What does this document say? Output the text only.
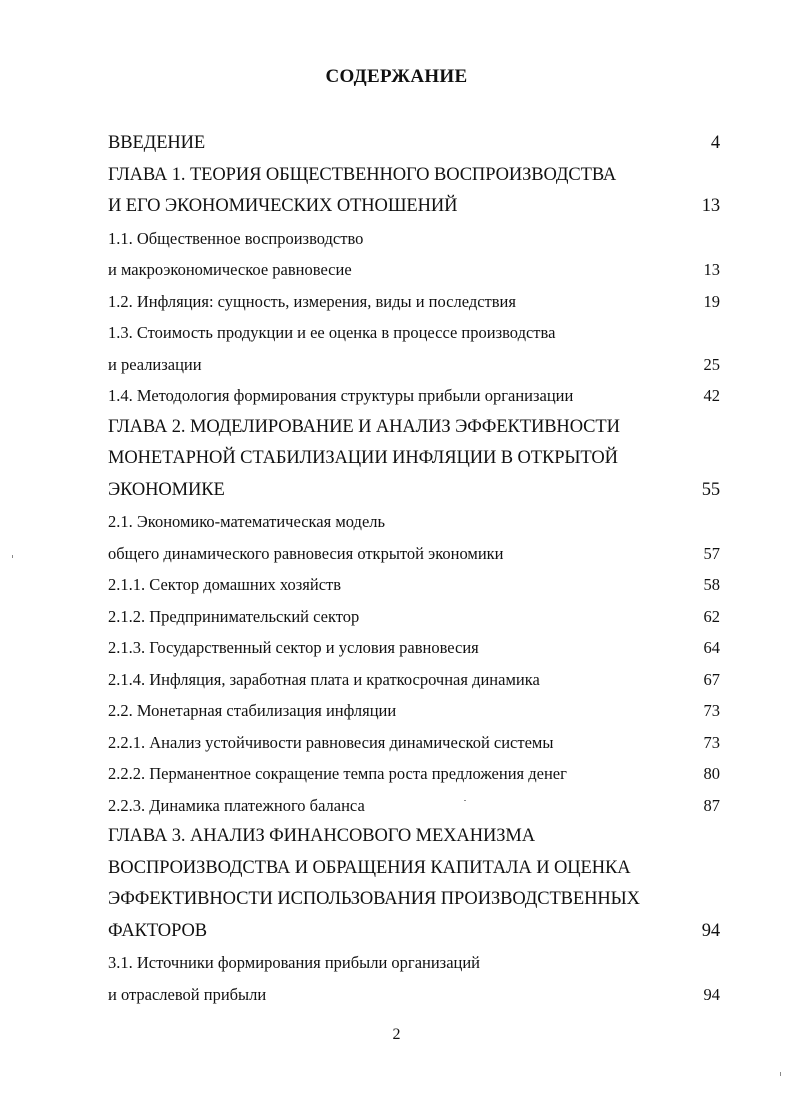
СОДЕРЖАНИЕ
ВВЕДЕНИЕ	4
ГЛАВА 1. ТЕОРИЯ ОБЩЕСТВЕННОГО ВОСПРОИЗВОДСТВА
И ЕГО ЭКОНОМИЧЕСКИХ ОТНОШЕНИЙ	13
1.1. Общественное воспроизводство
и макроэкономическое равновесие	13
1.2. Инфляция: сущность, измерения, виды и последствия	19
1.3. Стоимость продукции и ее оценка в процессе производства
и реализации	25
1.4. Методология формирования структуры прибыли организации	42
ГЛАВА 2. МОДЕЛИРОВАНИЕ И АНАЛИЗ ЭФФЕКТИВНОСТИ
МОНЕТАРНОЙ СТАБИЛИЗАЦИИ ИНФЛЯЦИИ В ОТКРЫТОЙ
ЭКОНОМИКЕ	55
2.1. Экономико-математическая модель
общего динамического равновесия открытой экономики	57
2.1.1. Сектор домашних хозяйств	58
2.1.2. Предпринимательский сектор	62
2.1.3. Государственный сектор и условия равновесия	64
2.1.4. Инфляция, заработная плата и краткосрочная динамика	67
2.2. Монетарная стабилизация инфляции	73
2.2.1. Анализ устойчивости равновесия динамической системы	73
2.2.2. Перманентное сокращение темпа роста предложения денег	80
2.2.3. Динамика платежного баланса	87
ГЛАВА 3. АНАЛИЗ ФИНАНСОВОГО МЕХАНИЗМА
ВОСПРОИЗВОДСТВА И ОБРАЩЕНИЯ КАПИТАЛА И ОЦЕНКА
ЭФФЕКТИВНОСТИ ИСПОЛЬЗОВАНИЯ ПРОИЗВОДСТВЕННЫХ
ФАКТОРОВ	94
3.1. Источники формирования прибыли организаций
и отраслевой прибыли	94
2
